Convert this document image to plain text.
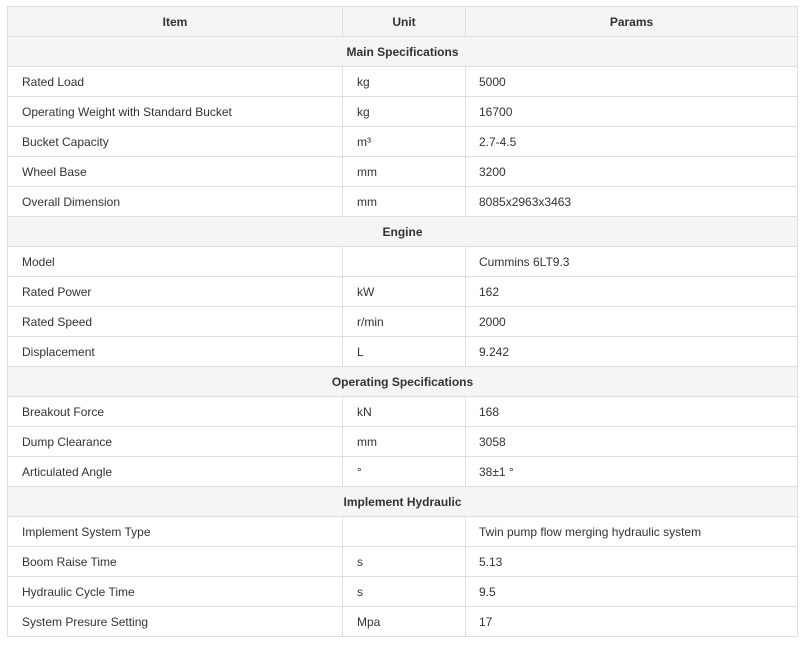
Item	Unit	Params
Main Specifications		
Rated Load	kg	5000
Operating Weight with Standard Bucket	kg	16700
Bucket Capacity	m³	2.7-4.5
Wheel Base	mm	3200
Overall Dimension	mm	8085x2963x3463
Engine		
Model		Cummins 6LT9.3
Rated Power	kW	162
Rated Speed	r/min	2000
Displacement	L	9.242
Operating Specifications		
Breakout Force	kN	168
Dump Clearance	mm	3058
Articulated Angle	°	38±1 °
Implement Hydraulic		
Implement System Type		Twin pump flow merging hydraulic system
Boom Raise Time	s	5.13
Hydraulic Cycle Time	s	9.5
System Presure Setting	Mpa	17
